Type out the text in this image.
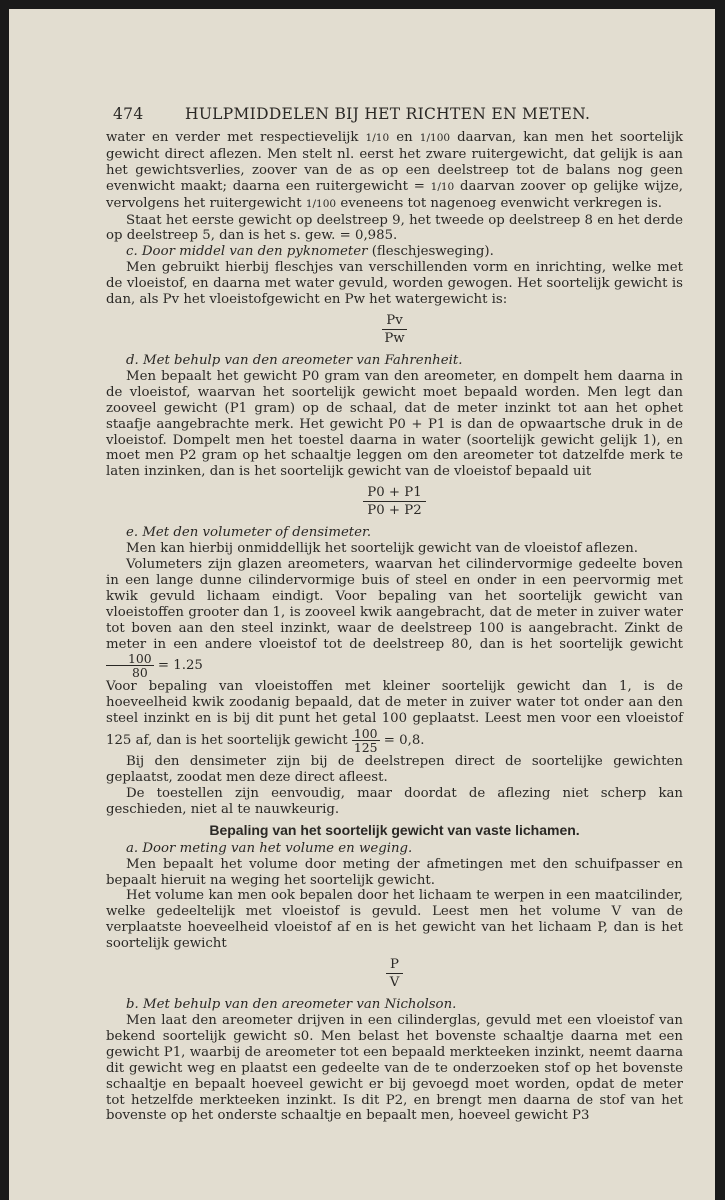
474	HULPMIDDELEN BIJ HET RICHTEN EN METEN.

water en verder met respectievelijk 1/10 en 1/100 daarvan, kan men het soortelijk gewicht direct aflezen. Men stelt nl. eerst het zware ruitergewicht, dat gelijk is aan het gewichtsverlies, zoover van de as op een deelstreep tot de balans nog geen evenwicht maakt; daarna een ruitergewicht = 1/10 daarvan zoover op gelijke wijze, vervolgens het ruitergewicht 1/100 eveneens tot nagenoeg evenwicht verkregen is.

Staat het eerste gewicht op deelstreep 9, het tweede op deelstreep 8 en het derde op deelstreep 5, dan is het s. gew. = 0,985.

c. Door middel van den pyknometer (fleschjesweging).

Men gebruikt hierbij fleschjes van verschillenden vorm en inrichting, welke met de vloeistof, en daarna met water gevuld, worden gewogen. Het soortelijk gewicht is dan, als Pv het vloeistofgewicht en Pw het watergewicht is:

Pv
Pw

d. Met behulp van den areometer van Fahrenheit.

Men bepaalt het gewicht P0 gram van den areometer, en dompelt hem daarna in de vloeistof, waarvan het soortelijk gewicht moet bepaald worden. Men legt dan zooveel gewicht (P1 gram) op de schaal, dat de meter inzinkt tot aan het ophet staafje aangebrachte merk. Het gewicht P0 + P1 is dan de opwaartsche druk in de vloeistof. Dompelt men het toestel daarna in water (soortelijk gewicht gelijk 1), en moet men P2 gram op het schaaltje leggen om den areometer tot datzelfde merk te laten inzinken, dan is het soortelijk gewicht van de vloeistof bepaald uit

P0 + P1
P0 + P2

e. Met den volumeter of densimeter.

Men kan hierbij onmiddellijk het soortelijk gewicht van de vloeistof aflezen.

Volumeters zijn glazen areometers, waarvan het cilindervormige gedeelte boven in een lange dunne cilindervormige buis of steel en onder in een peervormig met kwik gevuld lichaam eindigt. Voor bepaling van het soortelijk gewicht van vloeistoffen grooter dan 1, is zooveel kwik aangebracht, dat de meter in zuiver water tot boven aan den steel inzinkt, waar de deelstreep 100 is aangebracht. Zinkt de meter in een andere vloeistof tot de deelstreep 80, dan is het soortelijk gewicht
$\frac{100}{80} = 1.25$

Voor bepaling van vloeistoffen met kleiner soortelijk gewicht dan 1, is de hoeveelheid kwik zoodanig bepaald, dat de meter in zuiver water tot onder aan den steel inzinkt en is bij dit punt het getal 100 geplaatst. Leest men voor een vloeistof 125 af, dan is het soortelijk gewicht $\frac{100}{125} = 0,8$.

Bij den densimeter zijn bij de deelstrepen direct de soortelijke gewichten geplaatst, zoodat men deze direct afleest.

De toestellen zijn eenvoudig, maar doordat de aflezing niet scherp kan geschieden, niet al te nauwkeurig.

Bepaling van het soortelijk gewicht van vaste lichamen.

a. Door meting van het volume en weging.

Men bepaalt het volume door meting der afmetingen met den schuifpasser en bepaalt hieruit na weging het soortelijk gewicht.

Het volume kan men ook bepalen door het lichaam te werpen in een maatcilinder, welke gedeeltelijk met vloeistof is gevuld. Leest men het volume V van de verplaatste hoeveelheid vloeistof af en is het gewicht van het lichaam P, dan is het soortelijk gewicht

P
V

b. Met behulp van den areometer van Nicholson.

Men laat den areometer drijven in een cilinderglas, gevuld met een vloeistof van bekend soortelijk gewicht s0. Men belast het bovenste schaaltje daarna met een gewicht P1, waarbij de areometer tot een bepaald merkteeken inzinkt, neemt daarna dit gewicht weg en plaatst een gedeelte van de te onderzoeken stof op het bovenste schaaltje en bepaalt hoeveel gewicht er bij gevoegd moet worden, opdat de meter tot hetzelfde merkteeken inzinkt. Is dit P2, en brengt men daarna de stof van het bovenste op het onderste schaaltje en bepaalt men, hoeveel gewicht P3
